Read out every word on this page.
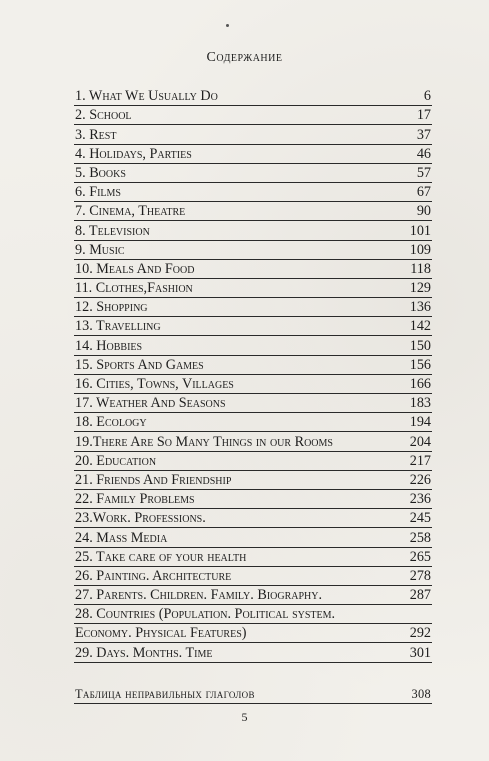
Содержание
1. What We Usually Do	6
2. School	17
3. Rest	37
4. Holidays, Parties	46
5. Books	57
6. Films	67
7. Cinema, Theatre	90
8. Television	101
9. Music	109
10. Meals And Food	118
11. Clothes,Fashion	129
12. Shopping	136
13. Travelling	142
14. Hobbies	150
15. Sports And Games	156
16. Cities, Towns, Villages	166
17. Weather And Seasons	183
18. Ecology	194
19.There Are So Many Things in our Rooms	204
20. Education	217
21. Friends And Friendship	226
22. Family Problems	236
23.Work. Professions.	245
24. Mass Media	258
25. Take care of your health	265
26. Painting. Architecture	278
27. Parents. Children. Family. Biography.	287
28. Countries (Population. Political system.
Economy. Physical Features)	292
29. Days. Months. Time	301
Таблица неправильных глаголов	308
5
